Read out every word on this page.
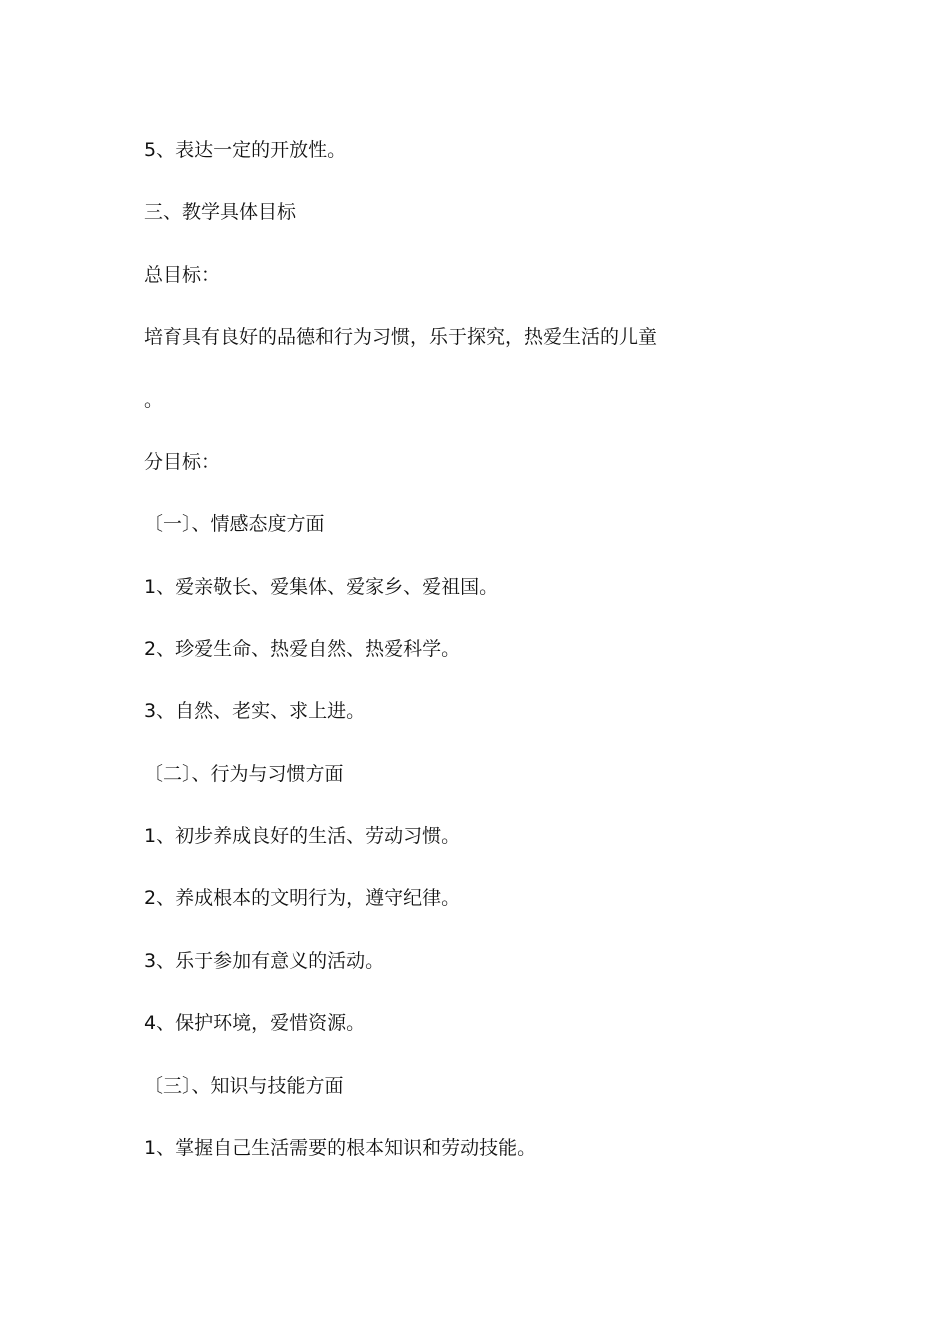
5、表达一定的开放性。
三、教学具体目标
总目标：
培育具有良好的品德和行为习惯，乐于探究，热爱生活的儿童
。
分目标：
〔一〕、情感态度方面
1、爱亲敬长、爱集体、爱家乡、爱祖国。
2、珍爱生命、热爱自然、热爱科学。
3、自然、老实、求上进。
〔二〕、行为与习惯方面
1、初步养成良好的生活、劳动习惯。
2、养成根本的文明行为，遵守纪律。
3、乐于参加有意义的活动。
4、保护环境，爱惜资源。
〔三〕、知识与技能方面
1、掌握自己生活需要的根本知识和劳动技能。
